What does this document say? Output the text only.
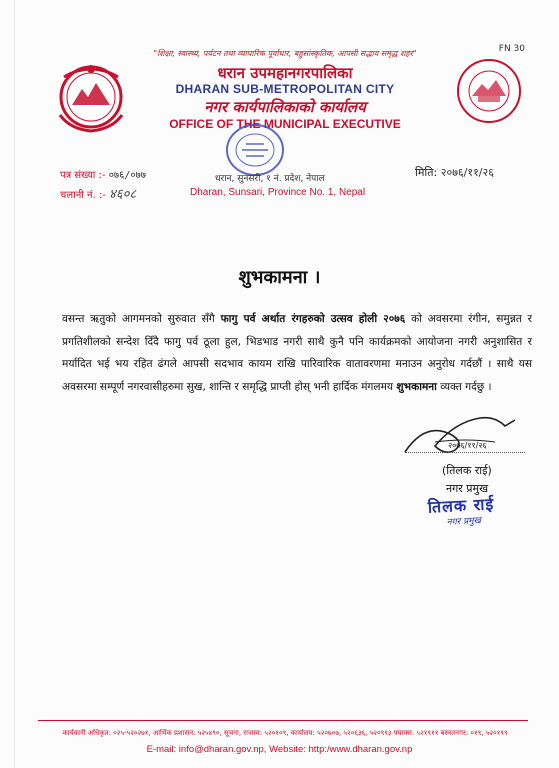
FN 30
"शिक्षा, स्वास्थ्य, पर्यटन तथा व्यापारिक पूर्वाधार, बहुसांस्कृतिक, आपसी सद्भाव समृद्ध शहर"
धरान उपमहानगरपालिका
DHARAN SUB-METROPOLITAN CITY
नगर कार्यपालिकाको कार्यालय
OFFICE OF THE MUNICIPAL EXECUTIVE
पत्र संख्या :- ०७६/०७७
चलानी नं. :- ४६०८
धरान, सुनसरी, १ नं. प्रदेश, नेपाल
Dharan, Sunsari, Province No. 1, Nepal
मिति: २०७६/११/२६
शुभकामना ।
वसन्त ऋतुको आगमनको सुरुवात सँगै फागु पर्व अर्थात रंगहरुको उत्सव होली २०७६ को अवसरमा रंगीन, समुन्नत र प्रगतिशीलको सन्देश दिँदै फागु पर्व ठूला हुल, भिडभाड नगरी साथै कुनै पनि कार्यक्रमको आयोजना नगरी अनुशासित र मर्यादित भई भय रहित ढंगले आपसी सदभाव कायम राखि पारिवारिक वातावरणमा मनाउन अनुरोध गर्दछौं । साथै यस अवसरमा सम्पूर्ण नगरवासीहरुमा सुख, शान्ति र समृद्धि प्राप्ती होस् भनी हार्दिक मंगलमय शुभकामना व्यक्त गर्दछु ।
२०७६/११/२६
(तिलक राई)
नगर प्रमुख
तिलक राई
नगर प्रमुख
कार्यकारी अधिकृत: ०२५-५२०२७१, आर्थिक प्रशासन: ५२५४९०, सूचना, राजस्व: ५२०१०९, कार्यालय: ५२०७०७, ५२०६३६, ५२०९९३ फ्याक्स: ५२१९११ बस्नतनगर: ०१९, ५२०१९९
E-mail: info@dharan.gov.np, Website: http:/www.dharan.gov.np
